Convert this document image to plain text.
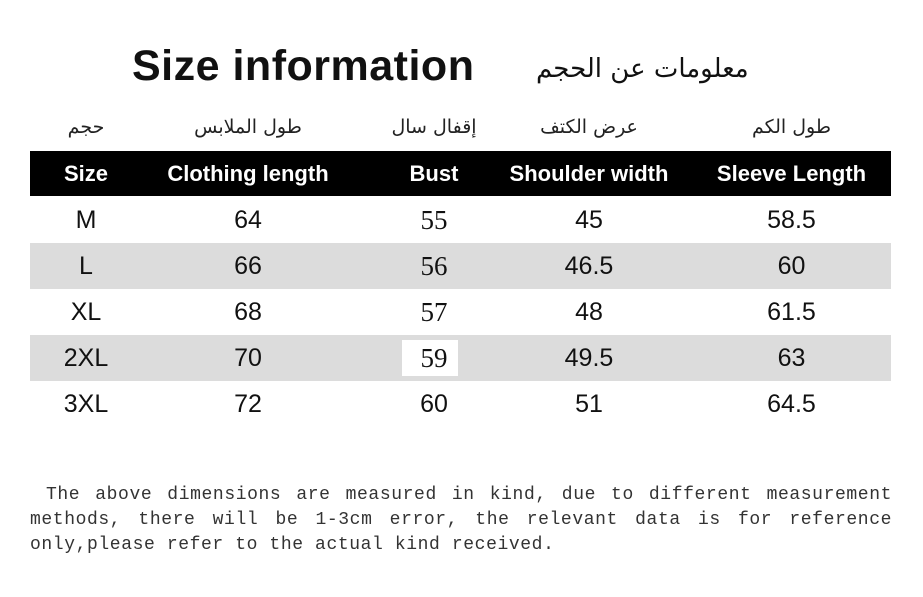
Size information معلومات عن الحجم
حجم	طول الملابس	إقفال سال	عرض الكتف	طول الكم
Size	Clothing length	Bust	Shoulder width	Sleeve Length
M	64	55	45	58.5
L	66	56	46.5	60
XL	68	57	48	61.5
2XL	70	59	49.5	63
3XL	72	60	51	64.5
The above dimensions are measured in kind, due to different measurement methods, there will be 1-3cm error, the relevant data is for reference only,please refer to the actual kind received.
